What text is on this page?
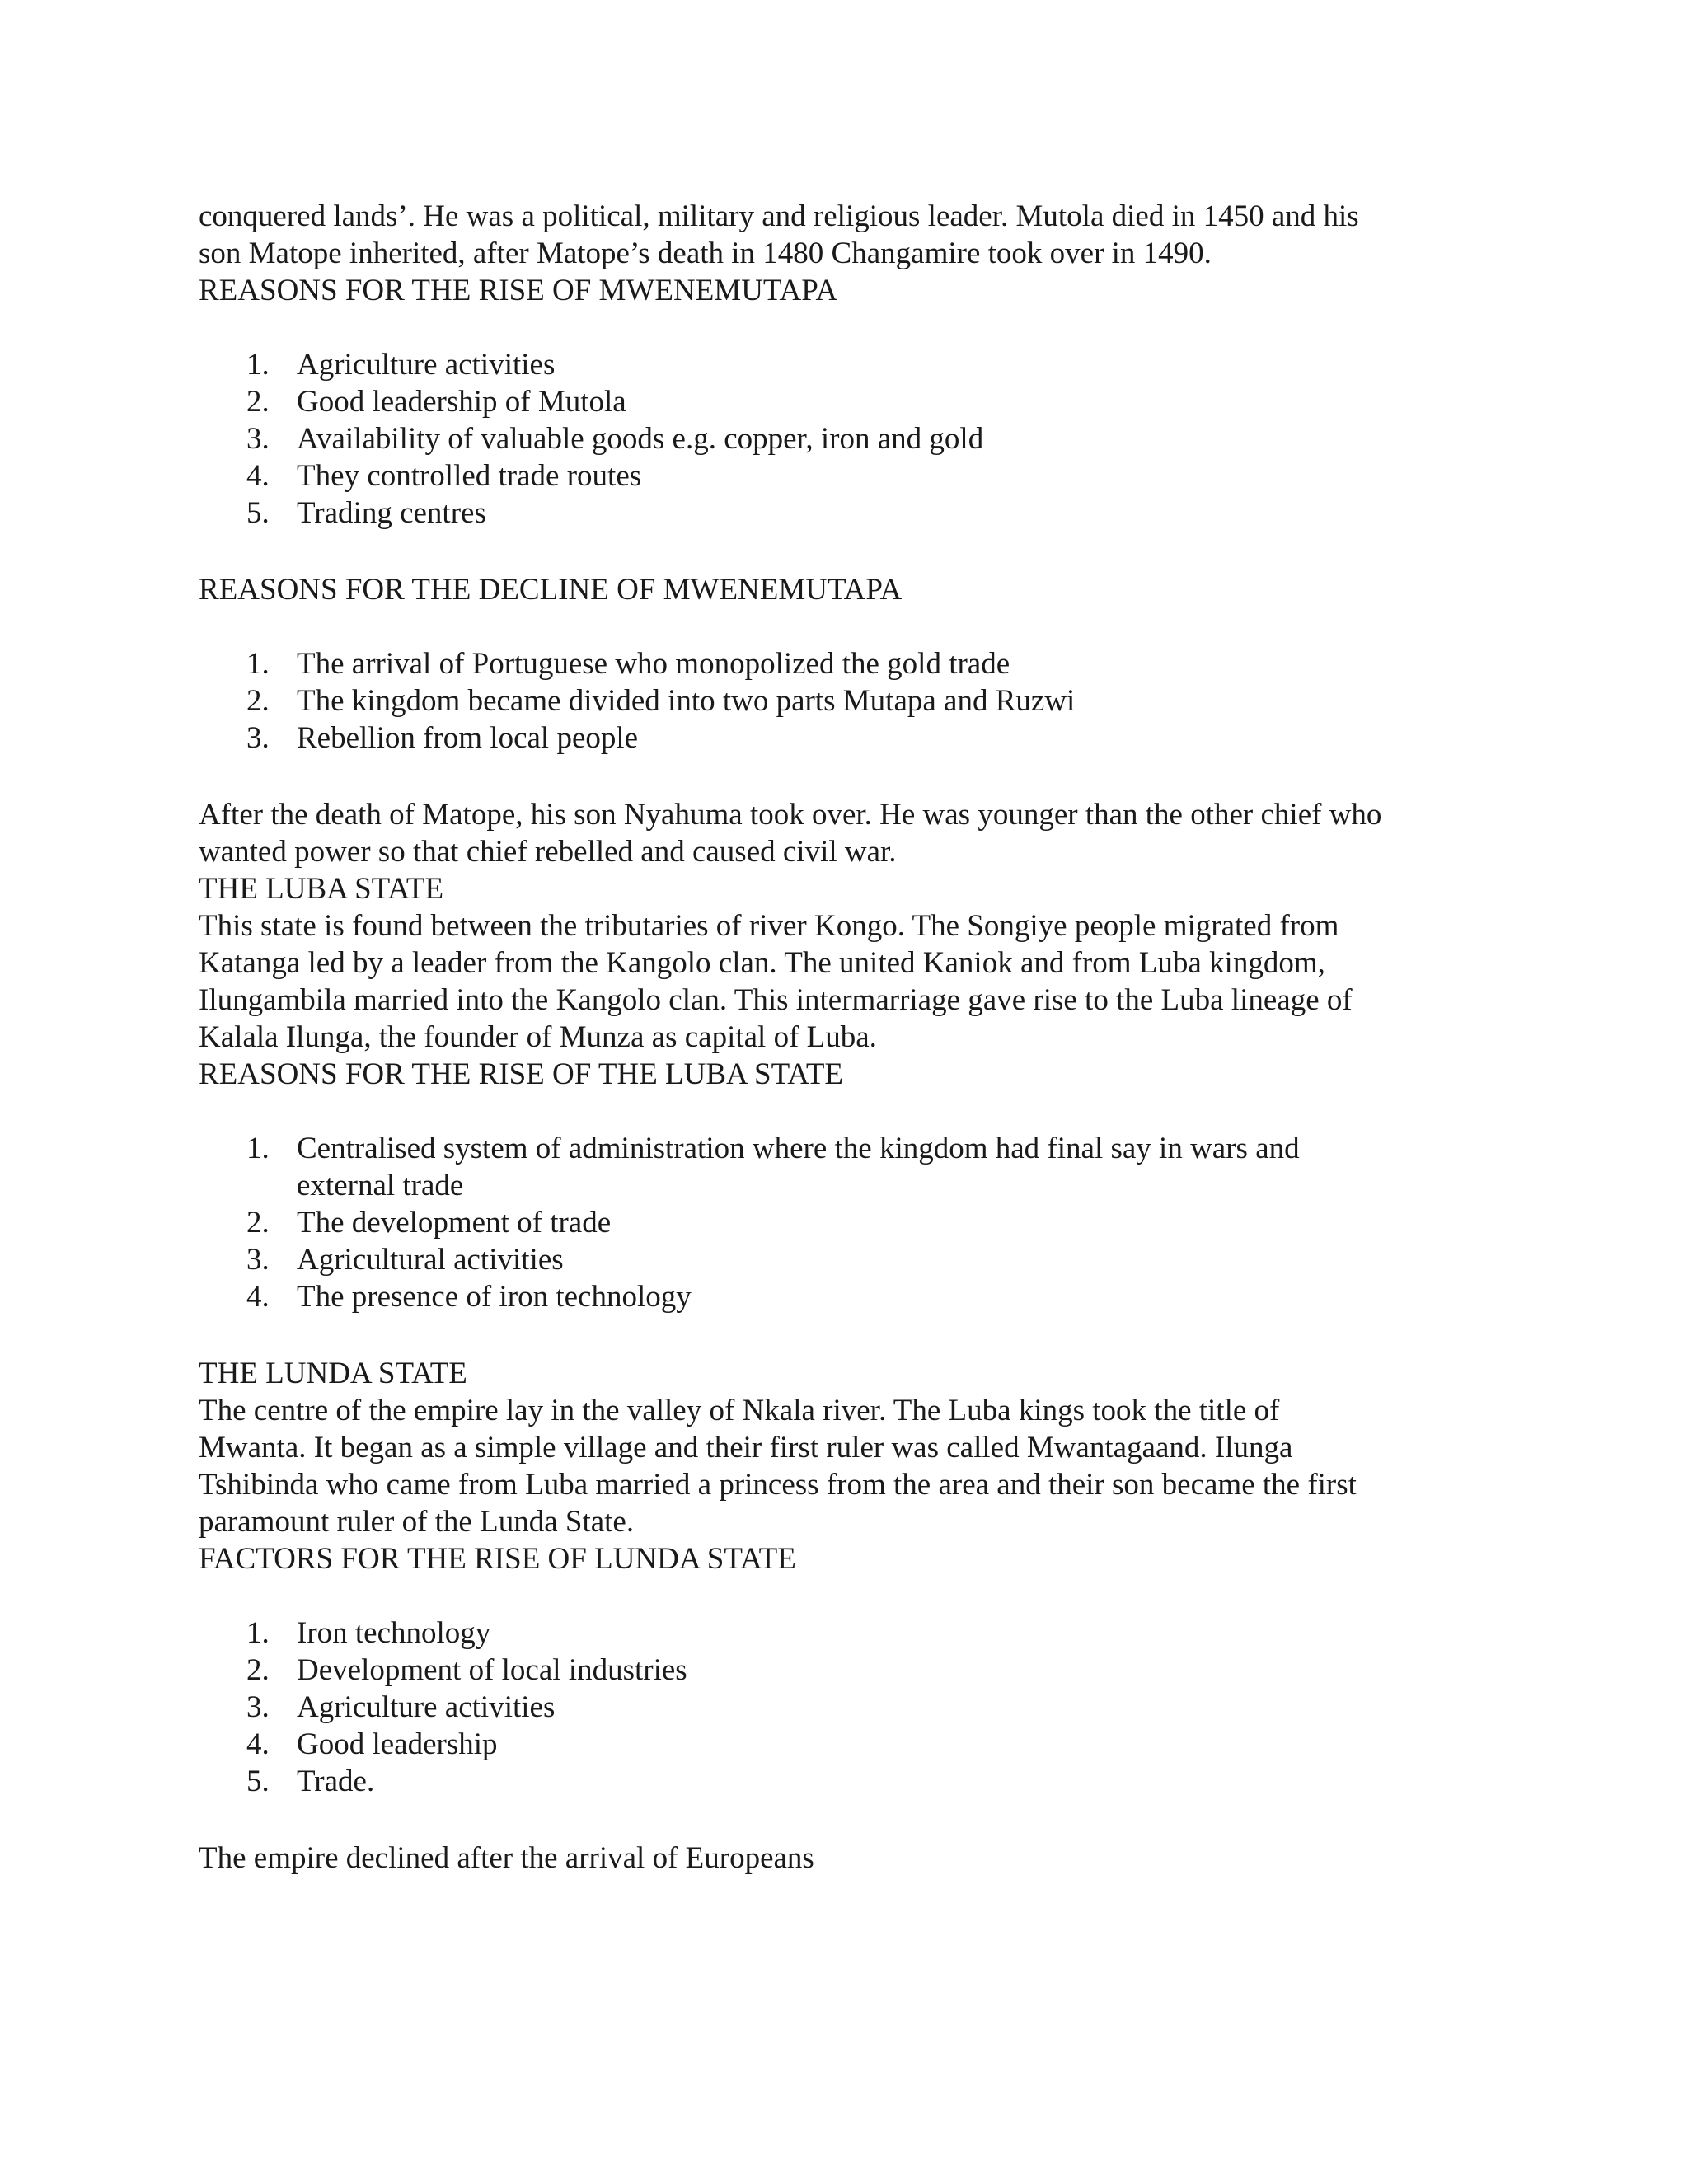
conquered lands’. He was a political, military and religious leader. Mutola died in 1450 and his
son Matope inherited, after Matope’s death in 1480 Changamire took over in 1490.

REASONS FOR THE RISE OF MWENEMUTAPA

1. Agriculture activities
2. Good leadership of Mutola
3. Availability of valuable goods e.g. copper, iron and gold
4. They controlled trade routes
5. Trading centres

REASONS FOR THE DECLINE OF MWENEMUTAPA

1. The arrival of Portuguese who monopolized the gold trade
2. The kingdom became divided into two parts Mutapa and Ruzwi
3. Rebellion from local people

After the death of Matope, his son Nyahuma took over. He was younger than the other chief who
wanted power so that chief rebelled and caused civil war.

THE LUBA STATE

This state is found between the tributaries of river Kongo. The Songiye people migrated from
Katanga led by a leader from the Kangolo clan. The united Kaniok and from Luba kingdom,
Ilungambila married into the Kangolo clan. This intermarriage gave rise to the Luba lineage of
Kalala Ilunga, the founder of Munza as capital of Luba.

REASONS FOR THE RISE OF THE LUBA STATE

1. Centralised system of administration where the kingdom had final say in wars and
external trade
2. The development of trade
3. Agricultural activities
4. The presence of iron technology

THE LUNDA STATE

The centre of the empire lay in the valley of Nkala river. The Luba kings took the title of
Mwanta. It began as a simple village and their first ruler was called Mwantagaand. Ilunga
Tshibinda who came from Luba married a princess from the area and their son became the first
paramount ruler of the Lunda State.

FACTORS FOR THE RISE OF LUNDA STATE

1. Iron technology
2. Development of local industries
3. Agriculture activities
4. Good leadership
5. Trade.

The empire declined after the arrival of Europeans
